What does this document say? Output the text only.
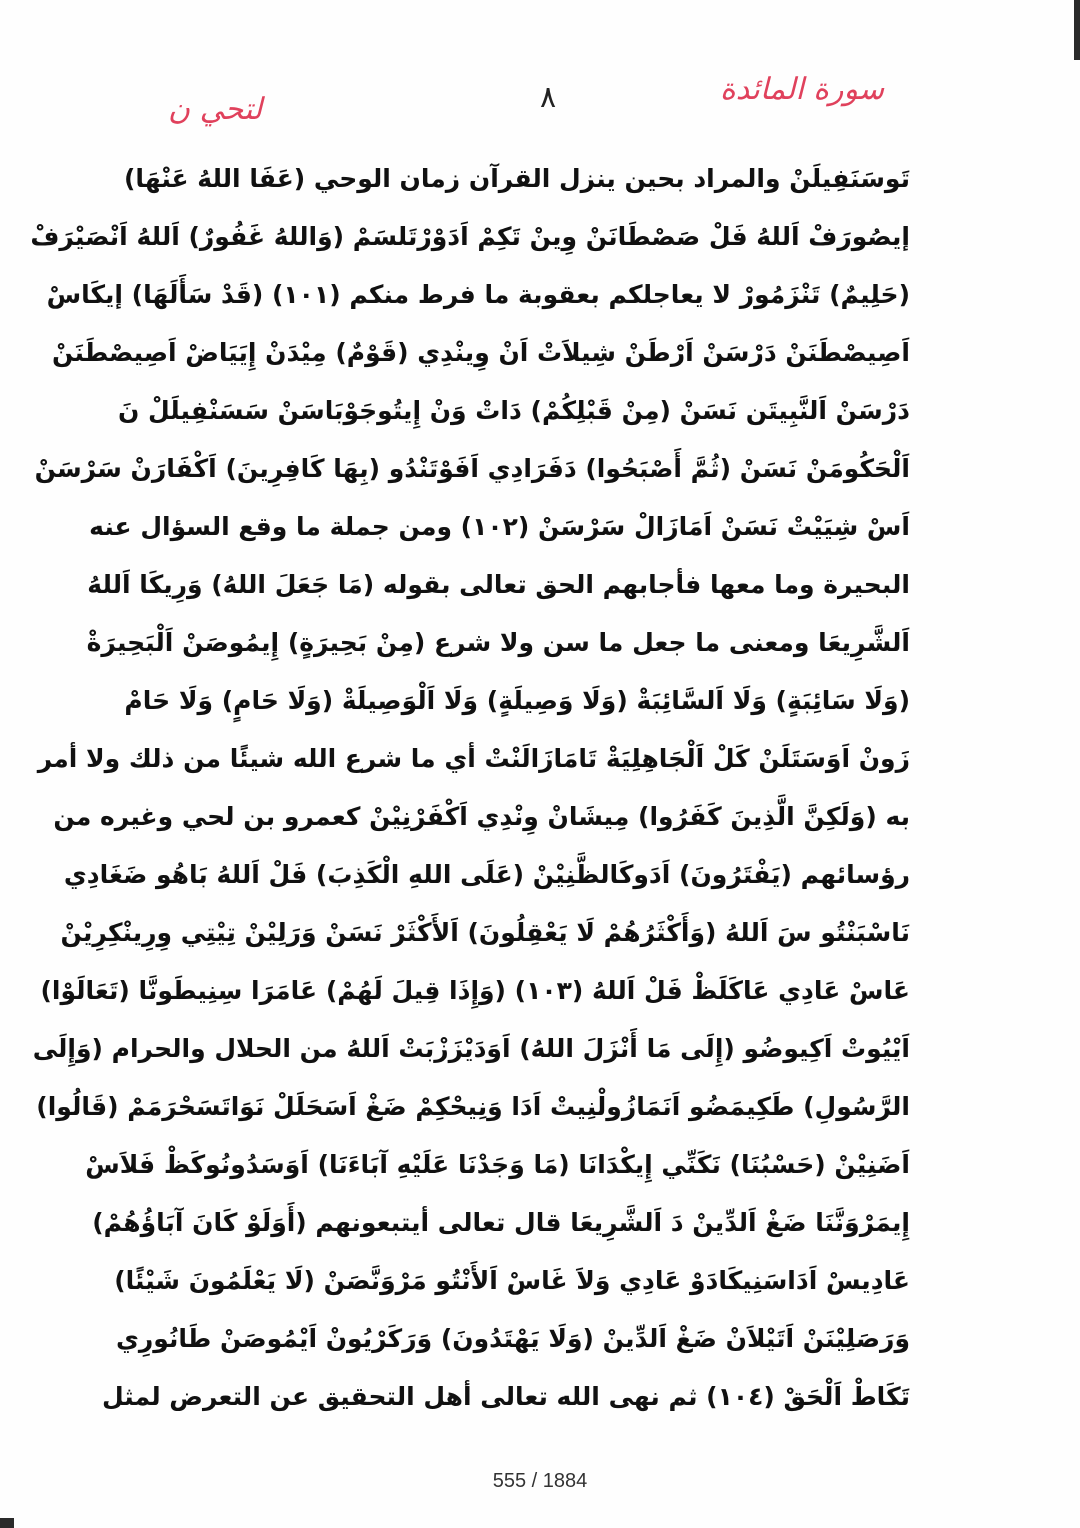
لتحي ن	٨	سورة المائدة
تَوسَنَفِيلَنْ والمراد بحين ينزل القرآن زمان الوحي (عَفَا اللهُ عَنْهَا)
إيصُورَفْ اَللهُ فَلْ صَصْطَانَنْ وِينْ تَكِمْ اَدَوْرْتَلسَمْ (وَاللهُ غَفُورٌ) اَللهُ اَنْصَيْرَفْ
(حَلِيمٌ) تَنْزَمُورْ لا يعاجلكم بعقوبة ما فرط منكم (١٠١) (قَدْ سَأَلَهَا) إيكَاسْ
اَصِيصْطَنَنْ دَرْسَنْ اَرْطَنْ شِيلاَتْ اَنْ وِينْدِي (قَوْمٌ) مِيْدَنْ إِيَيَاضْ اَصِيصْطَنَنْ
دَرْسَنْ اَلنَّبِيتَن نَسَنْ (مِنْ قَبْلِكُمْ) دَاتْ وَنْ إِيتُوجَوْبَاسَنْ سَسَنْفِيلَلْ نَ
اَلْحَكُومَنْ نَسَنْ (ثُمَّ أَصْبَحُوا) دَفَرَادِي اَفَوْتَنْدُو (بِهَا كَافِرِينَ) اَكْفَارَنْ سَرْسَنْ
اَسْ شِيَيْتْ نَسَنْ اَمَازَالْ سَرْسَنْ (١٠٢) ومن جملة ما وقع السؤال عنه
البحيرة وما معها فأجابهم الحق تعالى بقوله (مَا جَعَلَ اللهُ) وَرِيكَا اَللهُ
اَلشَّرِيعَا ومعنى ما جعل ما سن ولا شرع (مِنْ بَحِيرَةٍ) إِيمُوصَنْ اَلْبَحِيرَةْ
(وَلَا سَائِبَةٍ) وَلَا اَلسَّائِبَةْ (وَلَا وَصِيلَةٍ) وَلَا اَلْوَصِيلَةْ (وَلَا حَامٍ) وَلَا حَامْ
زَونْ اَوَسَتَلَنْ كَلْ اَلْجَاهِلِيَةْ تَامَازَالَنْتْ أي ما شرع الله شيئًا من ذلك ولا أمر
به (وَلَكِنَّ الَّذِينَ كَفَرُوا) مِيشَانْ وِنْدِي اَكْفَرْنِيْنْ كعمرو بن لحي وغيره من
رؤسائهم (يَفْتَرُونَ) اَدَوكَالظَّنِيْنْ (عَلَى اللهِ الْكَذِبَ) فَلْ اَللهُ بَاهُو ضَغَادِي
نَاسْبَنْتُو سَ اَللهُ (وَأَكْثَرُهُمْ لَا يَعْقِلُونَ) اَلأَكْثَرْ نَسَنْ وَرَلِيْنْ تِيْتِي وِرِينْكِرِيْنْ
عَاسْ عَادِي عَاكَلَظْ فَلْ اَللهُ (١٠٣) (وَإِذَا قِيلَ لَهُمْ) عَامَرَا سِنِيطَونَّا (تَعَالَوْا)
اَيْيُوتْ اَكِيوضُو (إِلَى مَا أَنْزَلَ اللهُ) اَوَدَيْزَزْبَتْ اَللهُ من الحلال والحرام (وَإِلَى
الرَّسُولِ) طَكِيمَضُو اَنَمَازُولْنِيتْ اَدَا وَنِيحْكِمْ ضَغْ اَسَحَلَلْ نَوَاتَسَحْرَمَمْ (قَالُوا)
اَضَنِيْنْ (حَسْبُنَا) نَكَنِّي إِيكْدَانَا (مَا وَجَدْنَا عَلَيْهِ آبَاءَنَا) اَوَسَدُونُوكَظْ فَلاَسْ
إِيمَرْوَنَّنَا ضَغْ اَلدِّينْ دَ اَلشَّرِيعَا قال تعالى أيتبعونهم (أَوَلَوْ كَانَ آبَاؤُهُمْ)
عَادِيسْ اَدَاسَنِيكَادَوْ عَادِي وَلاَ غَاسْ اَلأَنْتُو مَرْوَنَّصَنْ (لَا يَعْلَمُونَ شَيْئًا)
وَرَصَلِيْنَنْ اَتَيْلاَنْ ضَغْ اَلدِّينْ (وَلَا يَهْتَدُونَ) وَرَكَرْيُونْ اَيْمُوصَنْ طَانُورِي
تَكَاطْ اَلْحَقْ (١٠٤) ثم نهى الله تعالى أهل التحقيق عن التعرض لمثل
555 / 1884
